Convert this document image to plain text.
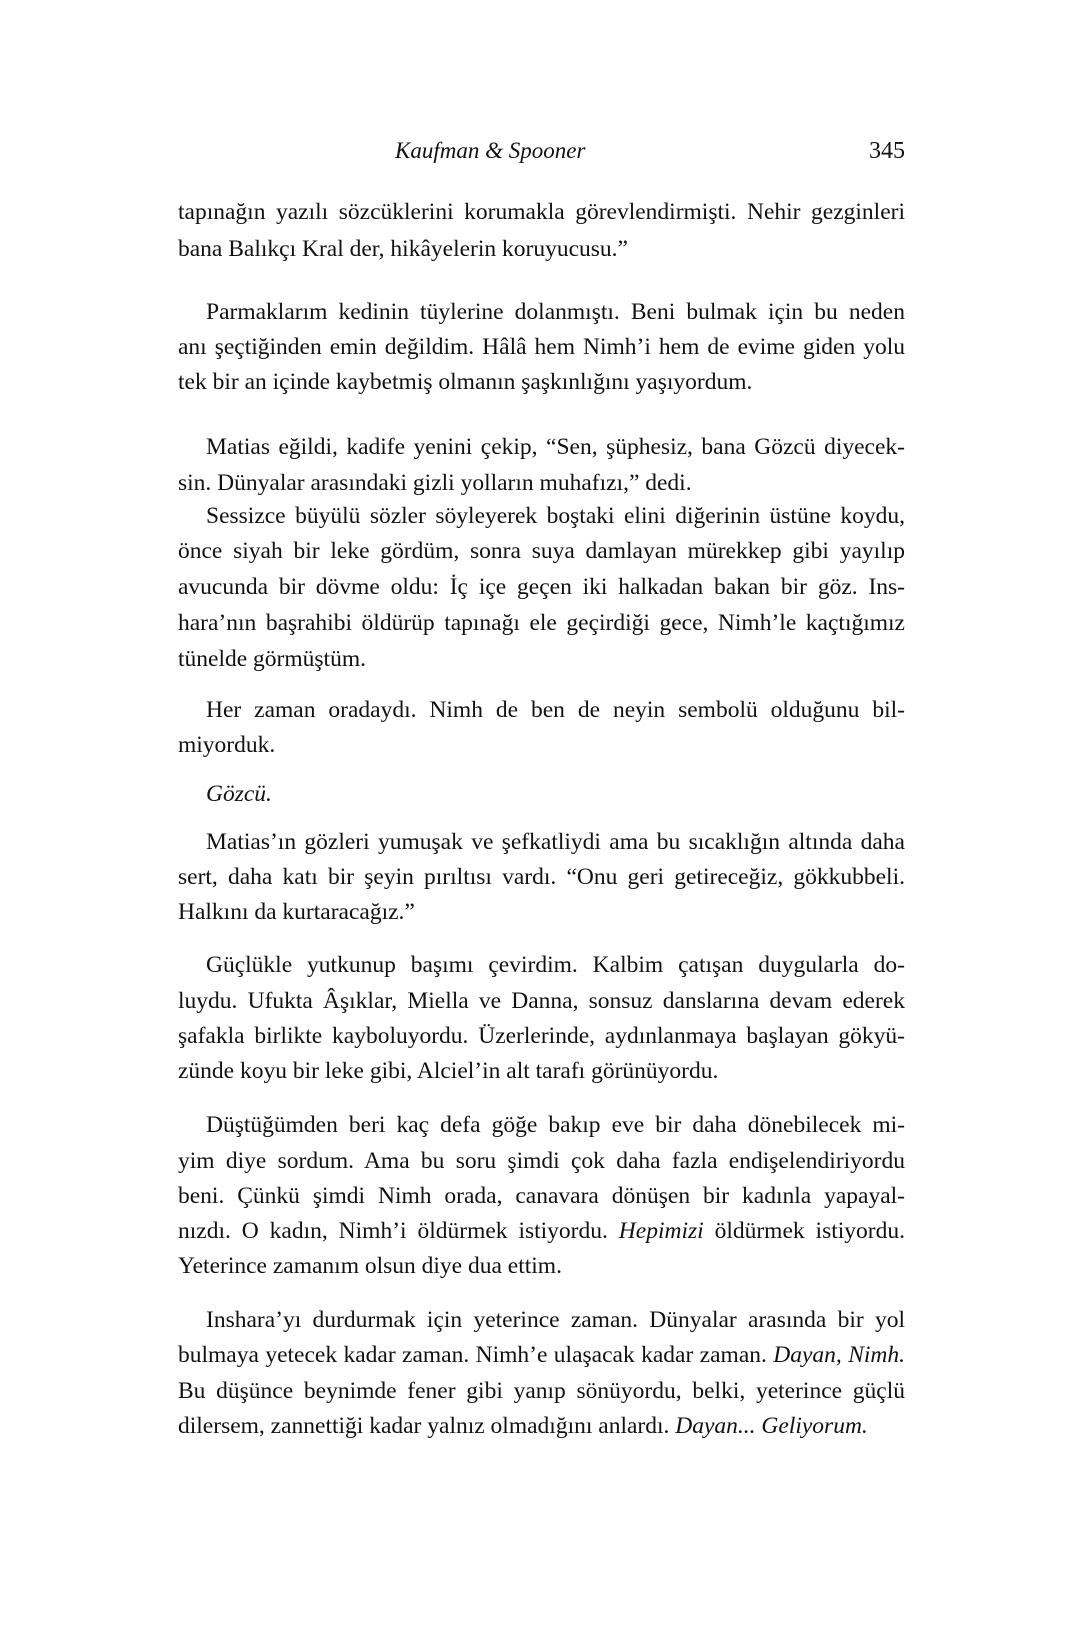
Kaufman & Spooner	345
tapınağın yazılı sözcüklerini korumakla görevlendirmişti. Nehir gezginleri
bana Balıkçı Kral der, hikâyelerin koruyucusu.”
Parmaklarım kedinin tüylerine dolanmıştı. Beni bulmak için bu neden
anı şeçtiğinden emin değildim. Hâlâ hem Nimh’i hem de evime giden yolu
tek bir an içinde kaybetmiş olmanın şaşkınlığını yaşıyordum.
Matias eğildi, kadife yenini çekip, “Sen, şüphesiz, bana Gözcü diyecek-
sin. Dünyalar arasındaki gizli yolların muhafızı,” dedi.
Sessizce büyülü sözler söyleyerek boştaki elini diğerinin üstüne koydu,
önce siyah bir leke gördüm, sonra suya damlayan mürekkep gibi yayılıp
avucunda bir dövme oldu: İç içe geçen iki halkadan bakan bir göz. Ins-
hara’nın başrahibi öldürüp tapınağı ele geçirdiği gece, Nimh’le kaçtığımız
tünelde görmüştüm.
Her zaman oradaydı. Nimh de ben de neyin sembolü olduğunu bil-
miyorduk.
Gözcü.
Matias’ın gözleri yumuşak ve şefkatliydi ama bu sıcaklığın altında daha
sert, daha katı bir şeyin pırıltısı vardı. “Onu geri getireceğiz, gökkubbeli.
Halkını da kurtaracağız.”
Güçlükle yutkunup başımı çevirdim. Kalbim çatışan duygularla do-
luydu. Ufukta Âşıklar, Miella ve Danna, sonsuz danslarına devam ederek
şafakla birlikte kayboluyordu. Üzerlerinde, aydınlanmaya başlayan gökyü-
zünde koyu bir leke gibi, Alciel’in alt tarafı görünüyordu.
Düştüğümden beri kaç defa göğe bakıp eve bir daha dönebilecek mi-
yim diye sordum. Ama bu soru şimdi çok daha fazla endişelendiriyordu
beni. Çünkü şimdi Nimh orada, canavara dönüşen bir kadınla yapayal-
nızdı. O kadın, Nimh’i öldürmek istiyordu. Hepimizi öldürmek istiyordu.
Yeterince zamanım olsun diye dua ettim.
Inshara’yı durdurmak için yeterince zaman. Dünyalar arasında bir yol
bulmaya yetecek kadar zaman. Nimh’e ulaşacak kadar zaman. Dayan, Nimh.
Bu düşünce beynimde fener gibi yanıp sönüyordu, belki, yeterince güçlü
dilersem, zannettiği kadar yalnız olmadığını anlardı. Dayan... Geliyorum.
